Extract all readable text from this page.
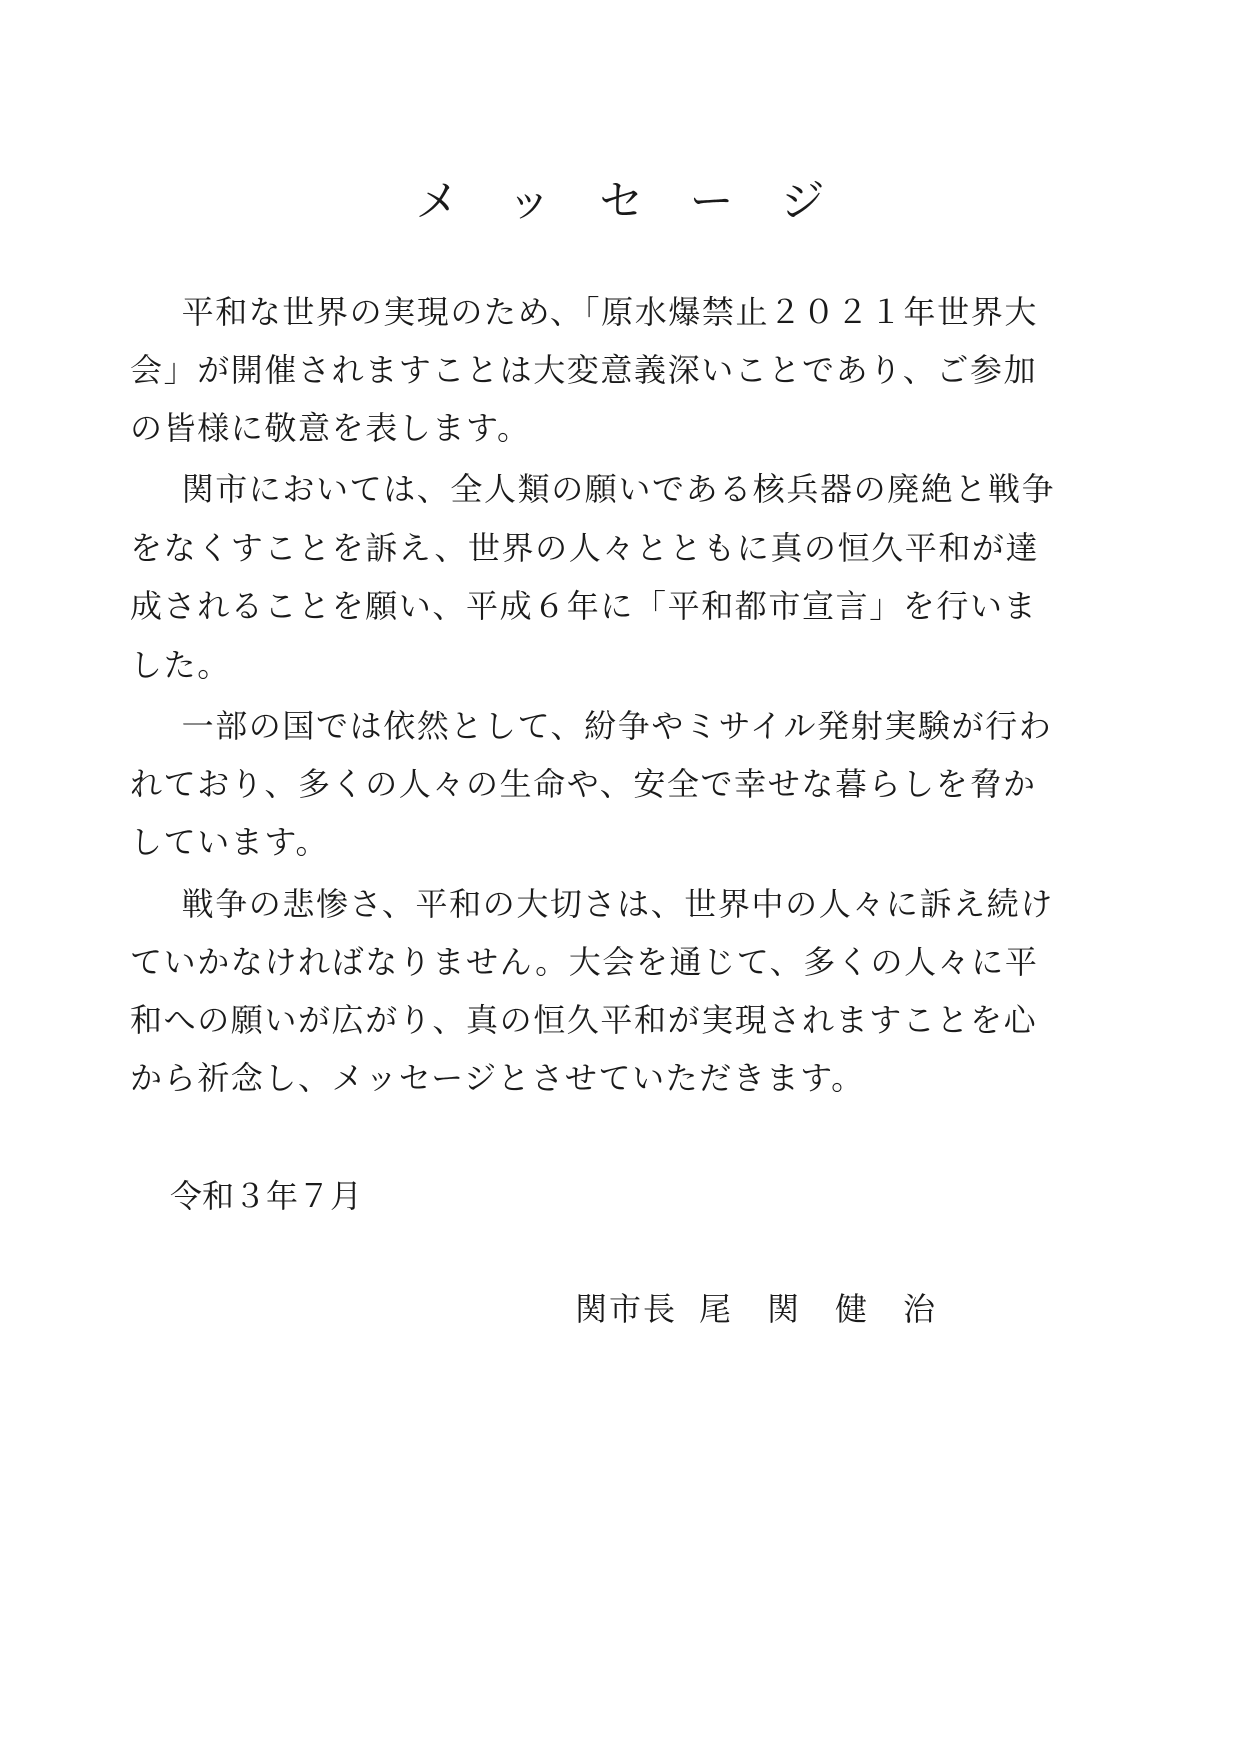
メッセージ
　平和な世界の実現のため、「原水爆禁止２０２１年世界大
会」が開催されますことは大変意義深いことであり、ご参加
の皆様に敬意を表します。
　関市においては、全人類の願いである核兵器の廃絶と戦争
をなくすことを訴え、世界の人々とともに真の恒久平和が達
成されることを願い、平成６年に「平和都市宣言」を行いま
した。
　一部の国では依然として、紛争やミサイル発射実験が行わ
れており、多くの人々の生命や、安全で幸せな暮らしを脅か
しています。
　戦争の悲惨さ、平和の大切さは、世界中の人々に訴え続け
ていかなければなりません。大会を通じて、多くの人々に平
和への願いが広がり、真の恒久平和が実現されますことを心
から祈念し、メッセージとさせていただきます。
令和３年７月
関市長 尾関健治
